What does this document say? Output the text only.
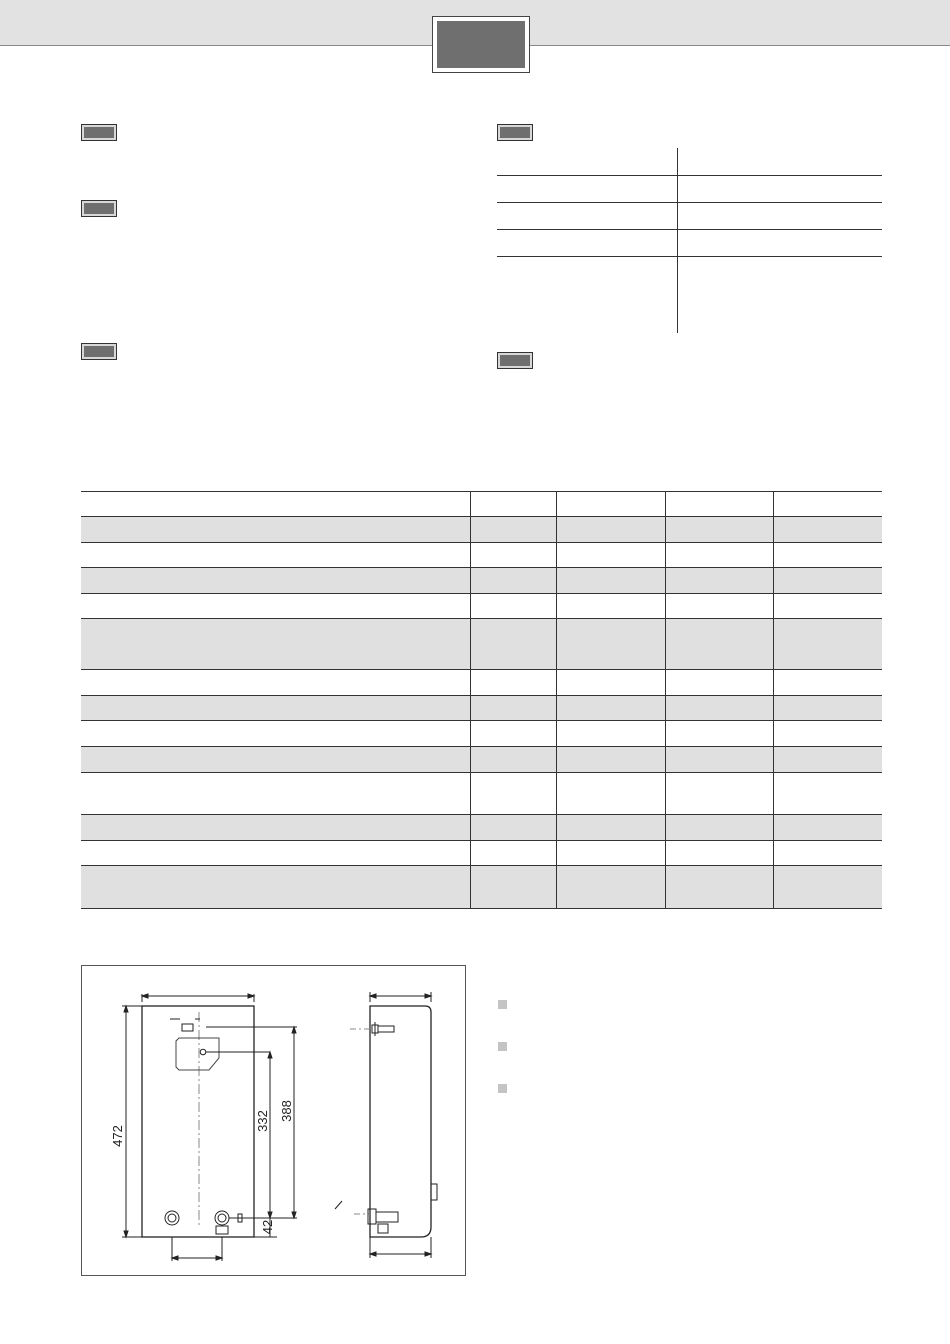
472
332 388
42
